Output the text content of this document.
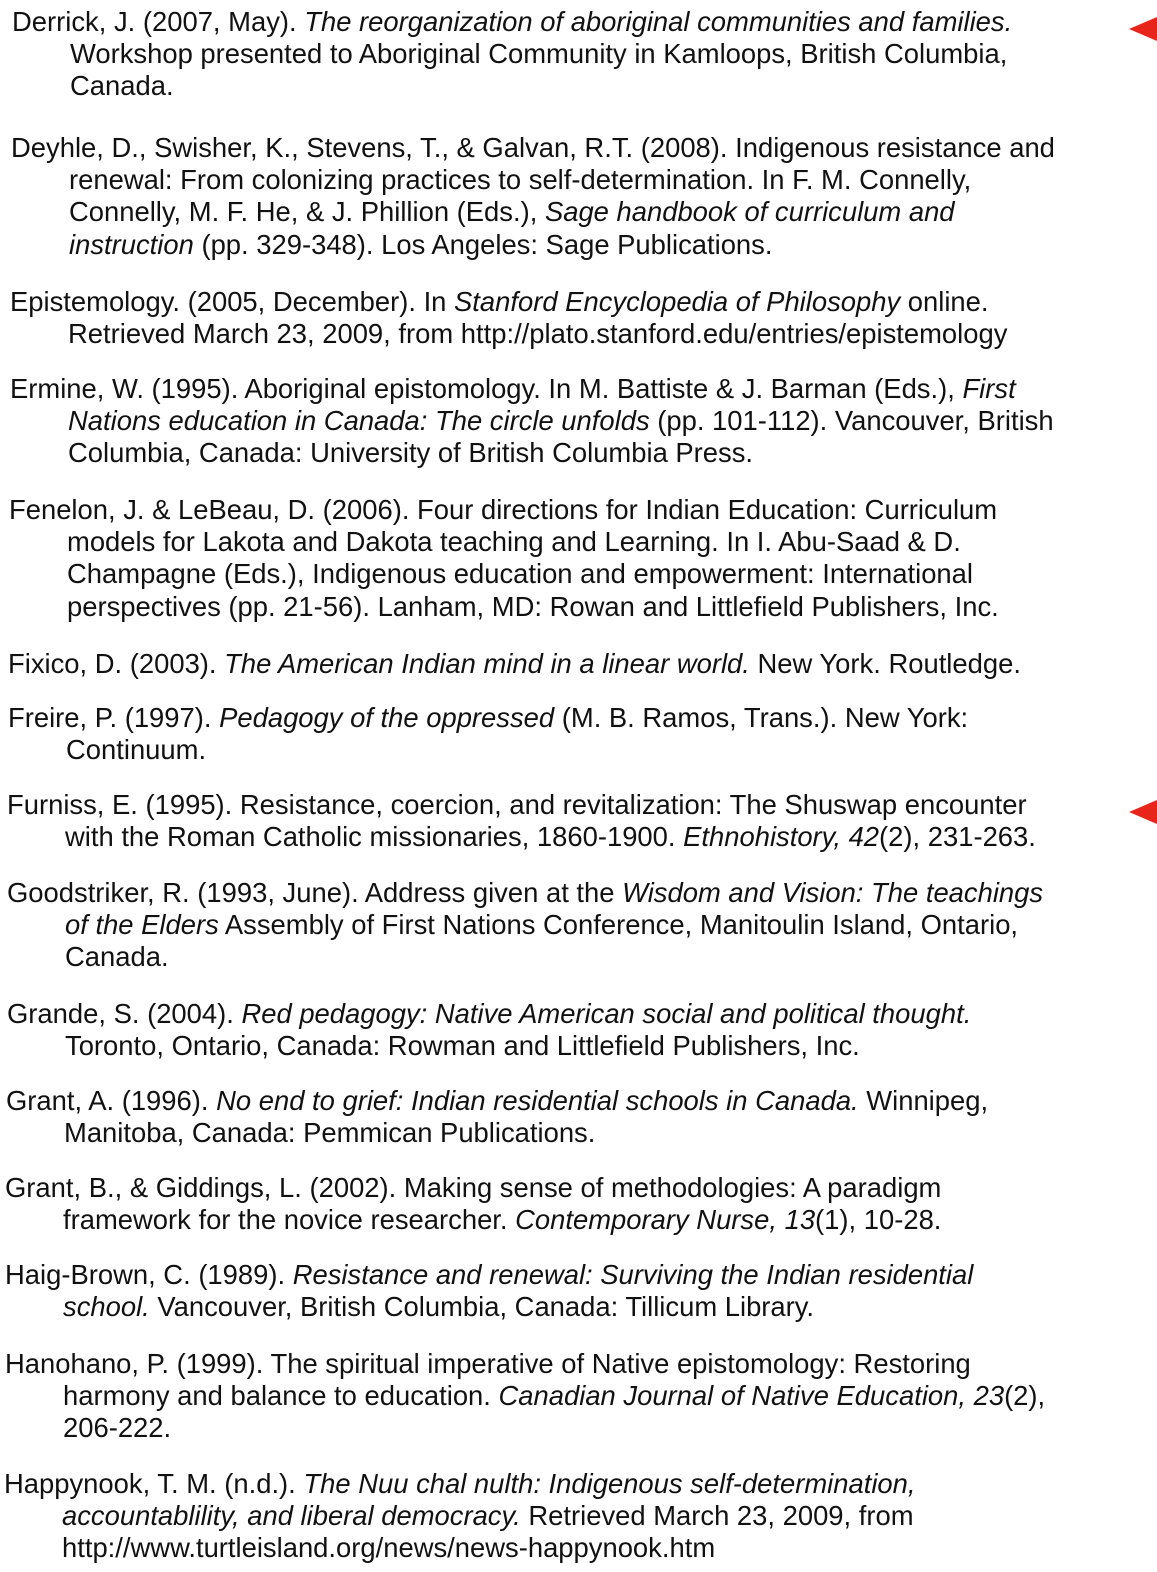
Derrick, J. (2007, May). The reorganization of aboriginal communities and families.
Workshop presented to Aboriginal Community in Kamloops, British Columbia,
Canada.
Deyhle, D., Swisher, K., Stevens, T., & Galvan, R.T. (2008). Indigenous resistance and
renewal: From colonizing practices to self-determination. In F. M. Connelly,
Connelly, M. F. He, & J. Phillion (Eds.), Sage handbook of curriculum and
instruction (pp. 329-348). Los Angeles: Sage Publications.
Epistemology. (2005, December). In Stanford Encyclopedia of Philosophy online.
Retrieved March 23, 2009, from http://plato.stanford.edu/entries/epistemology
Ermine, W. (1995). Aboriginal epistomology. In M. Battiste & J. Barman (Eds.), First
Nations education in Canada: The circle unfolds (pp. 101-112). Vancouver, British
Columbia, Canada: University of British Columbia Press.
Fenelon, J. & LeBeau, D. (2006). Four directions for Indian Education: Curriculum
models for Lakota and Dakota teaching and Learning. In I. Abu-Saad & D.
Champagne (Eds.), Indigenous education and empowerment: International
perspectives (pp. 21-56). Lanham, MD: Rowan and Littlefield Publishers, Inc.
Fixico, D. (2003). The American Indian mind in a linear world. New York. Routledge.
Freire, P. (1997). Pedagogy of the oppressed (M. B. Ramos, Trans.). New York:
Continuum.
Furniss, E. (1995). Resistance, coercion, and revitalization: The Shuswap encounter
with the Roman Catholic missionaries, 1860-1900. Ethnohistory, 42(2), 231-263.
Goodstriker, R. (1993, June). Address given at the Wisdom and Vision: The teachings
of the Elders Assembly of First Nations Conference, Manitoulin Island, Ontario,
Canada.
Grande, S. (2004). Red pedagogy: Native American social and political thought.
Toronto, Ontario, Canada: Rowman and Littlefield Publishers, Inc.
Grant, A. (1996). No end to grief: Indian residential schools in Canada. Winnipeg,
Manitoba, Canada: Pemmican Publications.
Grant, B., & Giddings, L. (2002). Making sense of methodologies: A paradigm
framework for the novice researcher. Contemporary Nurse, 13(1), 10-28.
Haig-Brown, C. (1989). Resistance and renewal: Surviving the Indian residential
school. Vancouver, British Columbia, Canada: Tillicum Library.
Hanohano, P. (1999). The spiritual imperative of Native epistomology: Restoring
harmony and balance to education. Canadian Journal of Native Education, 23(2),
206-222.
Happynook, T. M. (n.d.). The Nuu chal nulth: Indigenous self-determination,
accountablility, and liberal democracy. Retrieved March 23, 2009, from
http://www.turtleisland.org/news/news-happynook.htm
